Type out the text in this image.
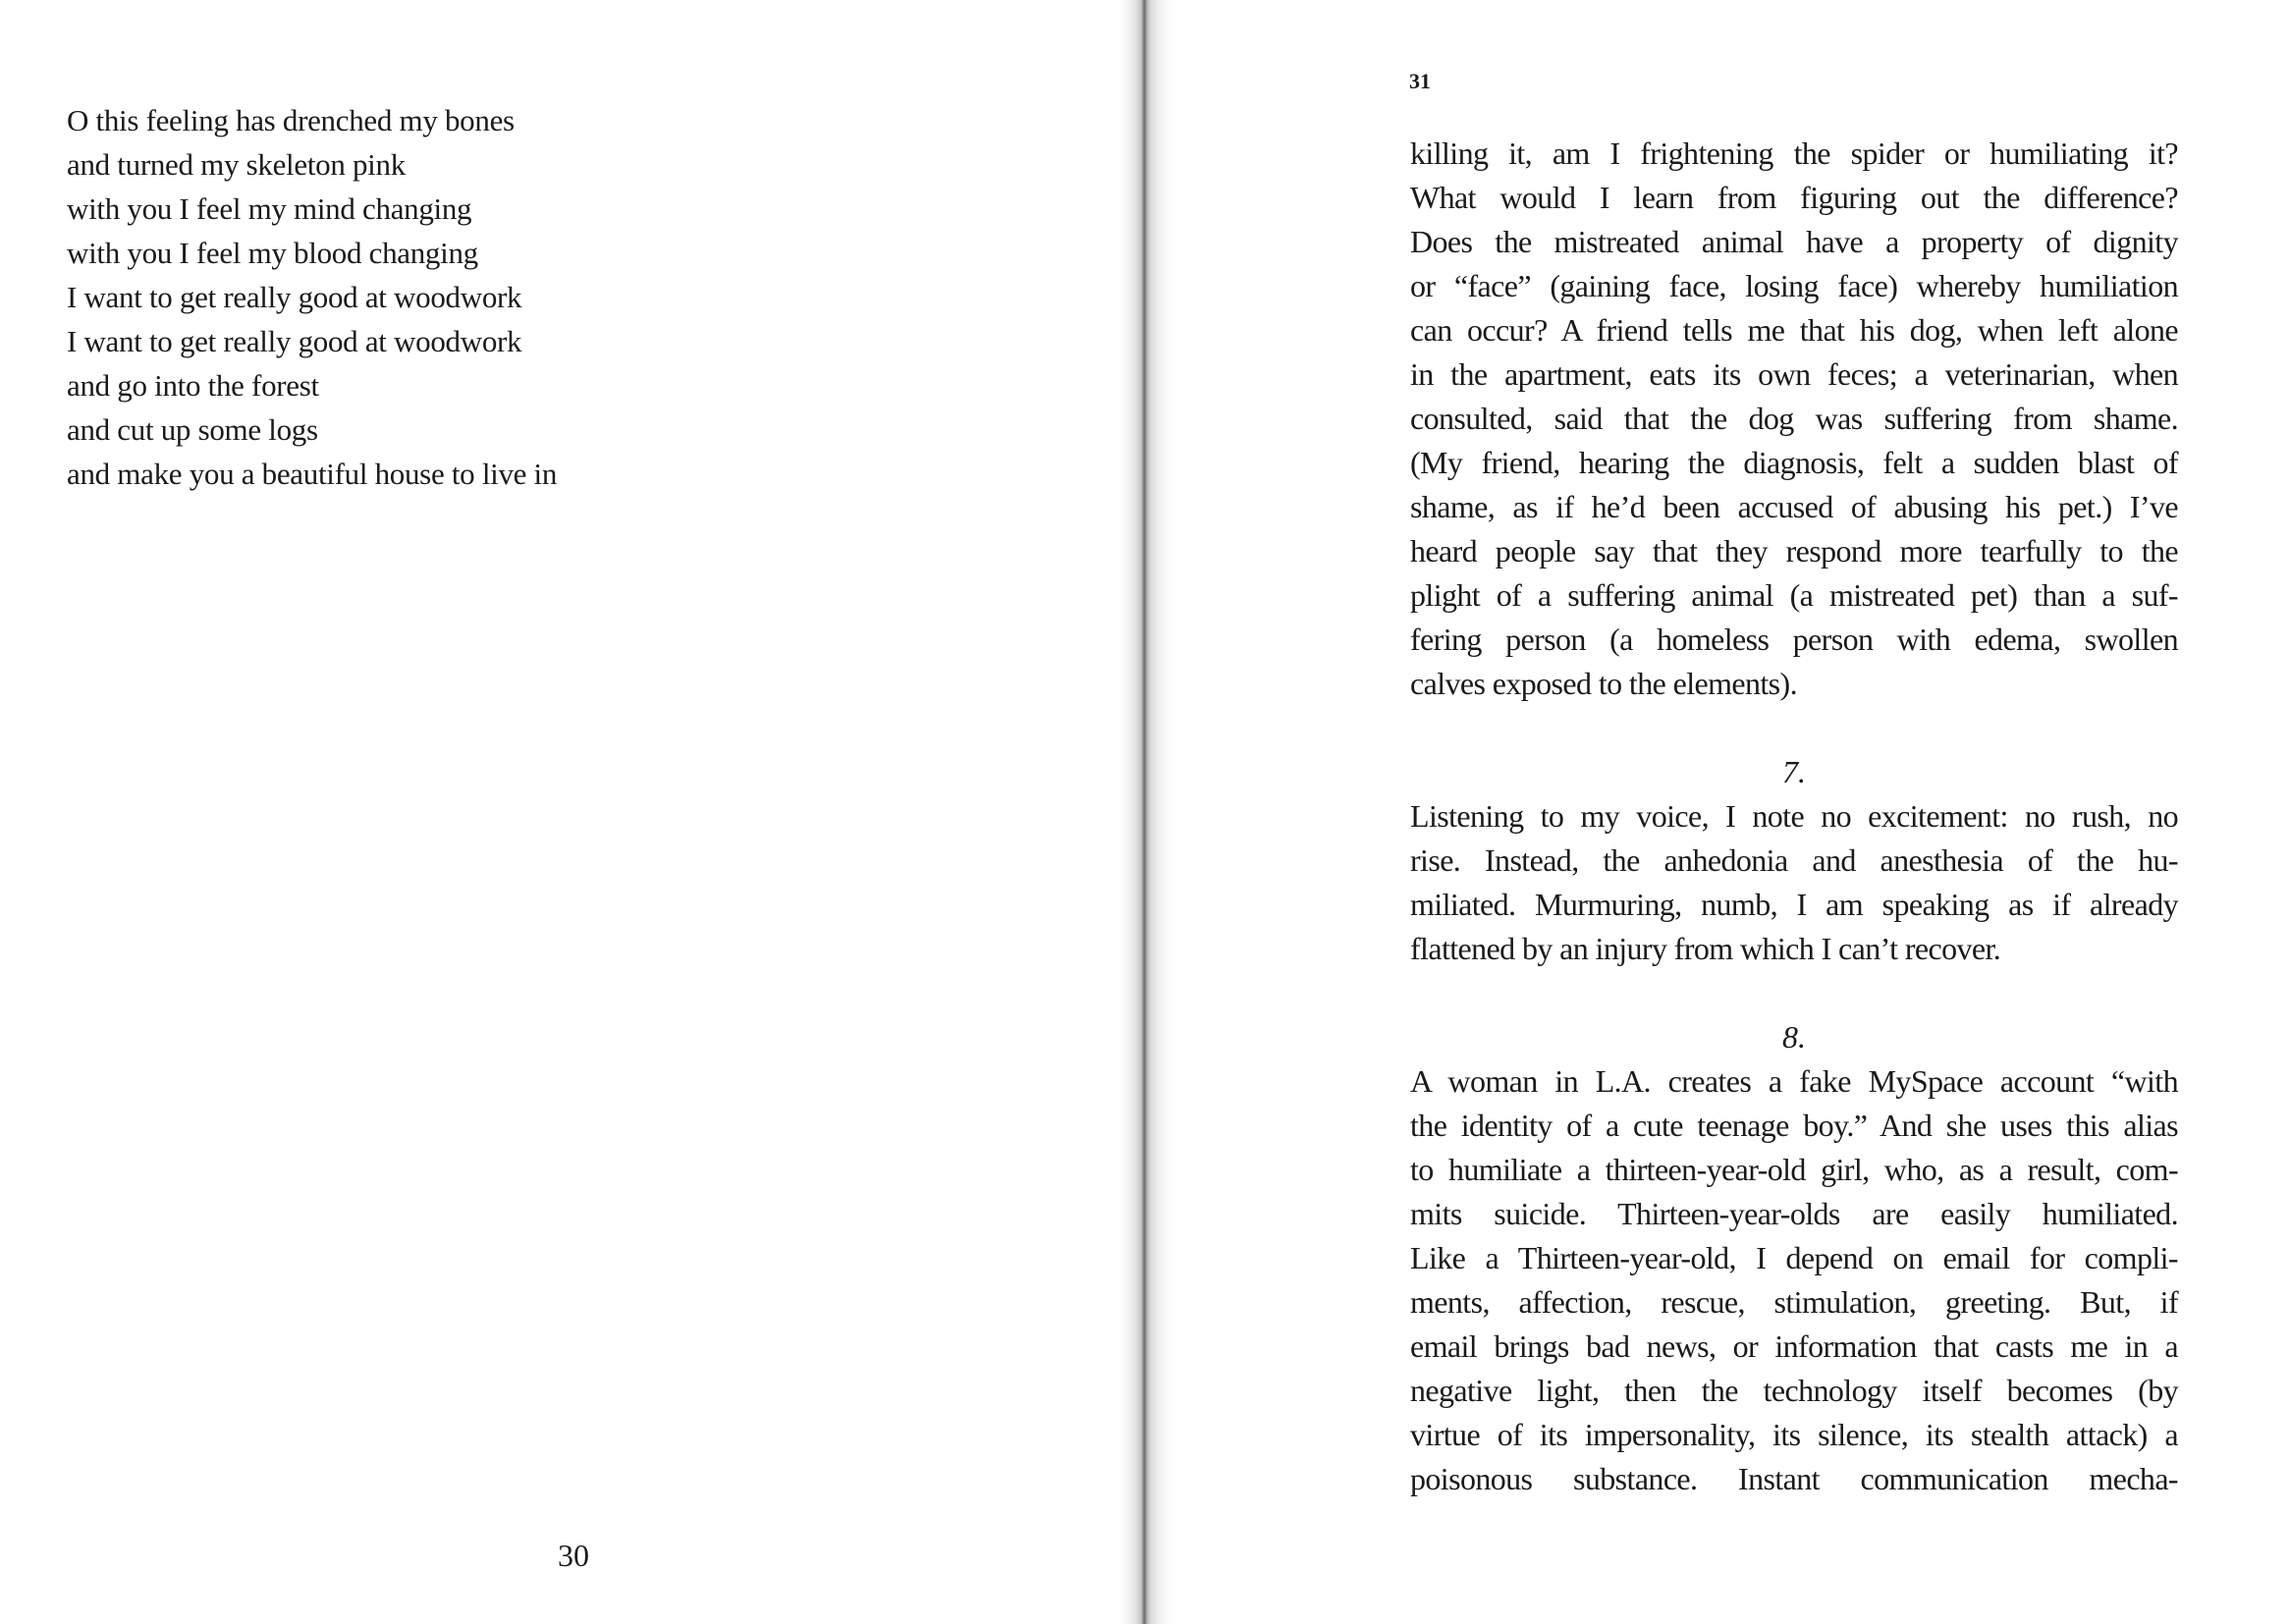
O this feeling has drenched my bones
and turned my skeleton pink
with you I feel my mind changing
with you I feel my blood changing
I want to get really good at woodwork
I want to get really good at woodwork
and go into the forest
and cut up some logs
and make you a beautiful house to live in
30
31
killing it, am I frightening the spider or humiliating it?
What would I learn from figuring out the difference?
Does the mistreated animal have a property of dignity
or “face” (gaining face, losing face) whereby humiliation
can occur? A friend tells me that his dog, when left alone
in the apartment, eats its own feces; a veterinarian, when
consulted, said that the dog was suffering from shame.
(My friend, hearing the diagnosis, felt a sudden blast of
shame, as if he’d been accused of abusing his pet.) I’ve
heard people say that they respond more tearfully to the
plight of a suffering animal (a mistreated pet) than a suf-
fering person (a homeless person with edema, swollen
calves exposed to the elements).
7.
Listening to my voice, I note no excitement: no rush, no
rise. Instead, the anhedonia and anesthesia of the hu-
miliated. Murmuring, numb, I am speaking as if already
flattened by an injury from which I can’t recover.
8.
A woman in L.A. creates a fake MySpace account “with
the identity of a cute teenage boy.” And she uses this alias
to humiliate a thirteen-year-old girl, who, as a result, com-
mits suicide. Thirteen-year-olds are easily humiliated.
Like a Thirteen-year-old, I depend on email for compli-
ments, affection, rescue, stimulation, greeting. But, if
email brings bad news, or information that casts me in a
negative light, then the technology itself becomes (by
virtue of its impersonality, its silence, its stealth attack) a
poisonous substance. Instant communication mecha-
